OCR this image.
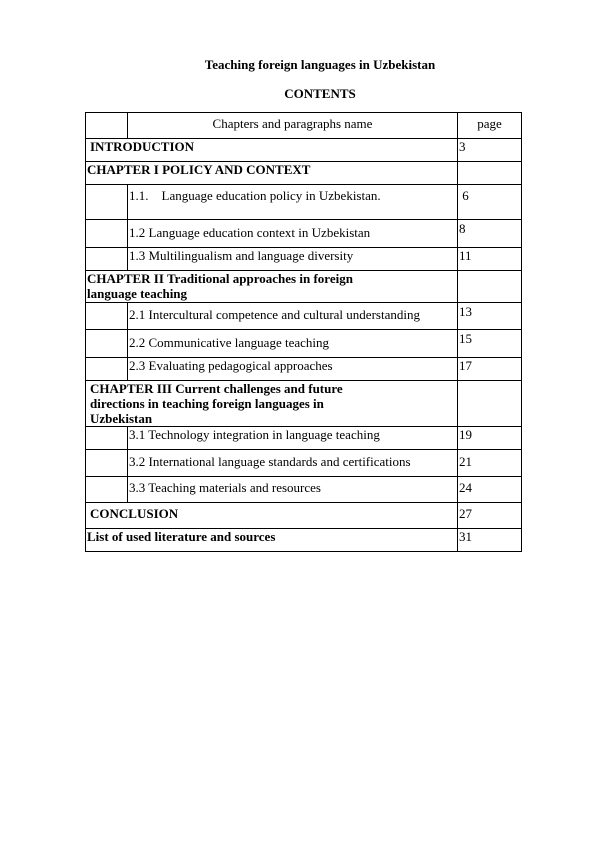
Teaching foreign languages in Uzbekistan
CONTENTS
	Chapters and paragraphs name	page
INTRODUCTION		3
CHAPTER I POLICY AND CONTEXT		
	1.1.    Language education policy in Uzbekistan.	6
	1.2 Language education context in Uzbekistan	8
	1.3 Multilingualism and language diversity	11
CHAPTER II Traditional approaches in foreign language teaching		
	2.1 Intercultural competence and cultural understanding	13
	2.2 Communicative language teaching	15
	2.3 Evaluating pedagogical approaches	17
CHAPTER III Current challenges and future directions in teaching foreign languages in Uzbekistan		
	3.1 Technology integration in language teaching	19
	3.2 International language standards and certifications	21
	3.3 Teaching materials and resources	24
CONCLUSION		27
List of used literature and sources		31
